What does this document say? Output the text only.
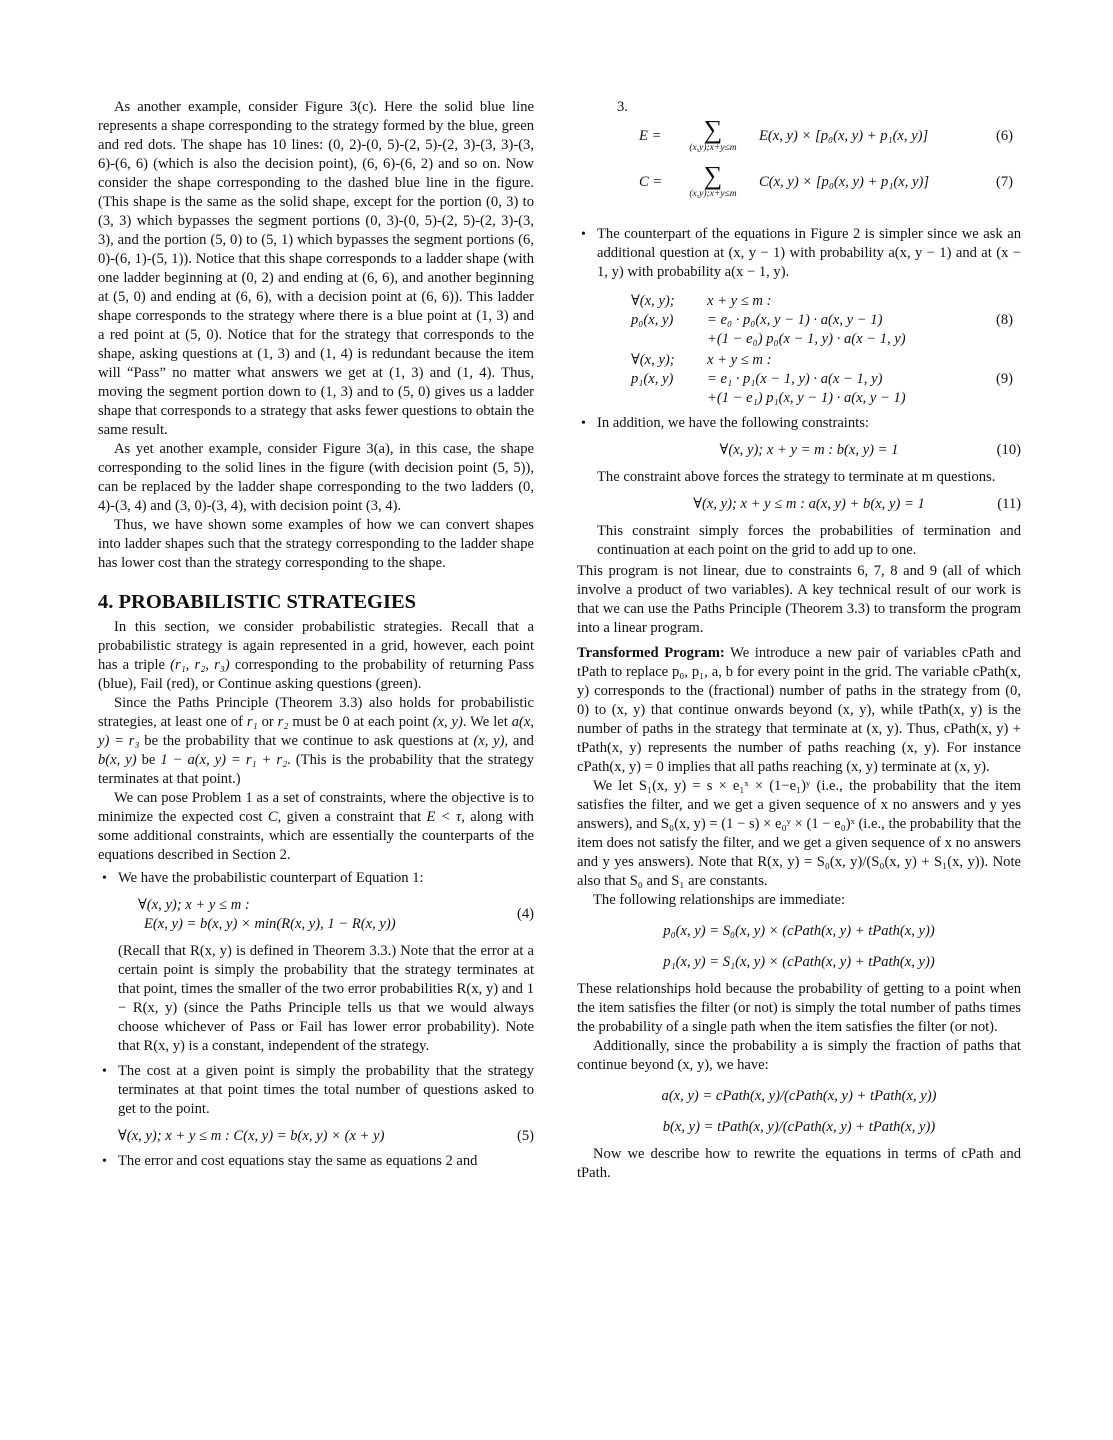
As another example, consider Figure 3(c). Here the solid blue line represents a shape corresponding to the strategy formed by the blue, green and red dots. The shape has 10 lines: (0, 2)-(0, 5)-(2, 5)-(2, 3)-(3, 3)-(3, 6)-(6, 6) (which is also the decision point), (6, 6)-(6, 2) and so on. Now consider the shape corresponding to the dashed blue line in the figure. (This shape is the same as the solid shape, except for the portion (0, 3) to (3, 3) which bypasses the segment portions (0, 3)-(0, 5)-(2, 5)-(2, 3)-(3, 3), and the portion (5, 0) to (5, 1) which bypasses the segment portions (6, 0)-(6, 1)-(5, 1)). Notice that this shape corresponds to a ladder shape (with one ladder beginning at (0, 2) and ending at (6, 6), and another beginning at (5, 0) and ending at (6, 6), with a decision point at (6, 6)). This ladder shape corresponds to the strategy where there is a blue point at (1, 3) and a red point at (5, 0). Notice that for the strategy that corresponds to the shape, asking questions at (1, 3) and (1, 4) is redundant because the item will “Pass” no matter what answers we get at (1, 3) and (1, 4). Thus, moving the segment portion down to (1, 3) and to (5, 0) gives us a ladder shape that corresponds to a strategy that asks fewer questions to obtain the same result.

As yet another example, consider Figure 3(a), in this case, the shape corresponding to the solid lines in the figure (with decision point (5, 5)), can be replaced by the ladder shape corresponding to the two ladders (0, 4)-(3, 4) and (3, 0)-(3, 4), with decision point (3, 4).

Thus, we have shown some examples of how we can convert shapes into ladder shapes such that the strategy corresponding to the ladder shape has lower cost than the strategy corresponding to the shape.

4. PROBABILISTIC STRATEGIES

In this section, we consider probabilistic strategies. Recall that a probabilistic strategy is again represented in a grid, however, each point has a triple (r₁, r₂, r₃) corresponding to the probability of returning Pass (blue), Fail (red), or Continue asking questions (green).

Since the Paths Principle (Theorem 3.3) also holds for probabilistic strategies, at least one of r₁ or r₂ must be 0 at each point (x, y). We let a(x, y) = r₃ be the probability that we continue to ask questions at (x, y), and b(x, y) be 1 − a(x, y) = r₁ + r₂. (This is the probability that the strategy terminates at that point.)

We can pose Problem 1 as a set of constraints, where the objective is to minimize the expected cost C, given a constraint that E < τ, along with some additional constraints, which are essentially the counterparts of the equations described in Section 2.

• We have the probabilistic counterpart of Equation 1:
∀(x, y); x + y ≤ m :
E(x, y) = b(x, y) × min(R(x, y), 1 − R(x, y))
(4)

(Recall that R(x, y) is defined in Theorem 3.3.) Note that the error at a certain point is simply the probability that the strategy terminates at that point, times the smaller of the two error probabilities R(x, y) and 1 − R(x, y) (since the Paths Principle tells us that we would always choose whichever of Pass or Fail has lower error probability). Note that R(x, y) is a constant, independent of the strategy.

• The cost at a given point is simply the probability that the strategy terminates at that point times the total number of questions asked to get to the point.
∀(x, y); x + y ≤ m : C(x, y) = b(x, y) × (x + y)	(5)
• The error and cost equations stay the same as equations 2 and

3.

E =	∑
(x,y);x+y≤m
E(x, y) × [p₀(x, y) + p₁(x, y)]	(6)
C =	∑
(x,y);x+y≤m
C(x, y) × [p₀(x, y) + p₁(x, y)]	(7)
• The counterpart of the equations in Figure 2 is simpler since we ask an additional question at (x, y − 1) with probability a(x, y − 1) and at (x − 1, y) with probability a(x − 1, y).
∀(x, y);	x + y ≤ m :
p₀(x, y)	= e₀ · p₀(x, y − 1) · a(x, y − 1)
+(1 − e₀) p₀(x − 1, y) · a(x − 1, y)
(8)
∀(x, y);	x + y ≤ m :
p₁(x, y)	= e₁ · p₁(x − 1, y) · a(x − 1, y)
+(1 − e₁) p₁(x, y − 1) · a(x, y − 1)
(9)
• In addition, we have the following constraints:
∀(x, y); x + y = m : b(x, y) = 1	(10)

The constraint above forces the strategy to terminate at m questions.

∀(x, y); x + y ≤ m : a(x, y) + b(x, y) = 1	(11)

This constraint simply forces the probabilities of termination and continuation at each point on the grid to add up to one.

This program is not linear, due to constraints 6, 7, 8 and 9 (all of which involve a product of two variables). A key technical result of our work is that we can use the Paths Principle (Theorem 3.3) to transform the program into a linear program.

Transformed Program: We introduce a new pair of variables cPath and tPath to replace p₀, p₁, a, b for every point in the grid. The variable cPath(x, y) corresponds to the (fractional) number of paths in the strategy from (0, 0) to (x, y) that continue onwards beyond (x, y), while tPath(x, y) is the number of paths in the strategy that terminate at (x, y). Thus, cPath(x, y) + tPath(x, y) represents the number of paths reaching (x, y). For instance cPath(x, y) = 0 implies that all paths reaching (x, y) terminate at (x, y).

We let S₁(x, y) = s × e₁ˣ × (1−e₁)ʸ (i.e., the probability that the item satisfies the filter, and we get a given sequence of x no answers and y yes answers), and S₀(x, y) = (1 − s) × e₀ʸ × (1 − e₀)ˣ (i.e., the probability that the item does not satisfy the filter, and we get a given sequence of x no answers and y yes answers). Note that R(x, y) = S₀(x, y)/(S₀(x, y) + S₁(x, y)). Note also that S₀ and S₁ are constants.

The following relationships are immediate:

p₀(x, y) = S₀(x, y) × (cPath(x, y) + tPath(x, y))
p₁(x, y) = S₁(x, y) × (cPath(x, y) + tPath(x, y))

These relationships hold because the probability of getting to a point when the item satisfies the filter (or not) is simply the total number of paths times the probability of a single path when the item satisfies the filter (or not).

Additionally, since the probability a is simply the fraction of paths that continue beyond (x, y), we have:

a(x, y) = cPath(x, y)/(cPath(x, y) + tPath(x, y))
b(x, y) = tPath(x, y)/(cPath(x, y) + tPath(x, y))

Now we describe how to rewrite the equations in terms of cPath and tPath.
